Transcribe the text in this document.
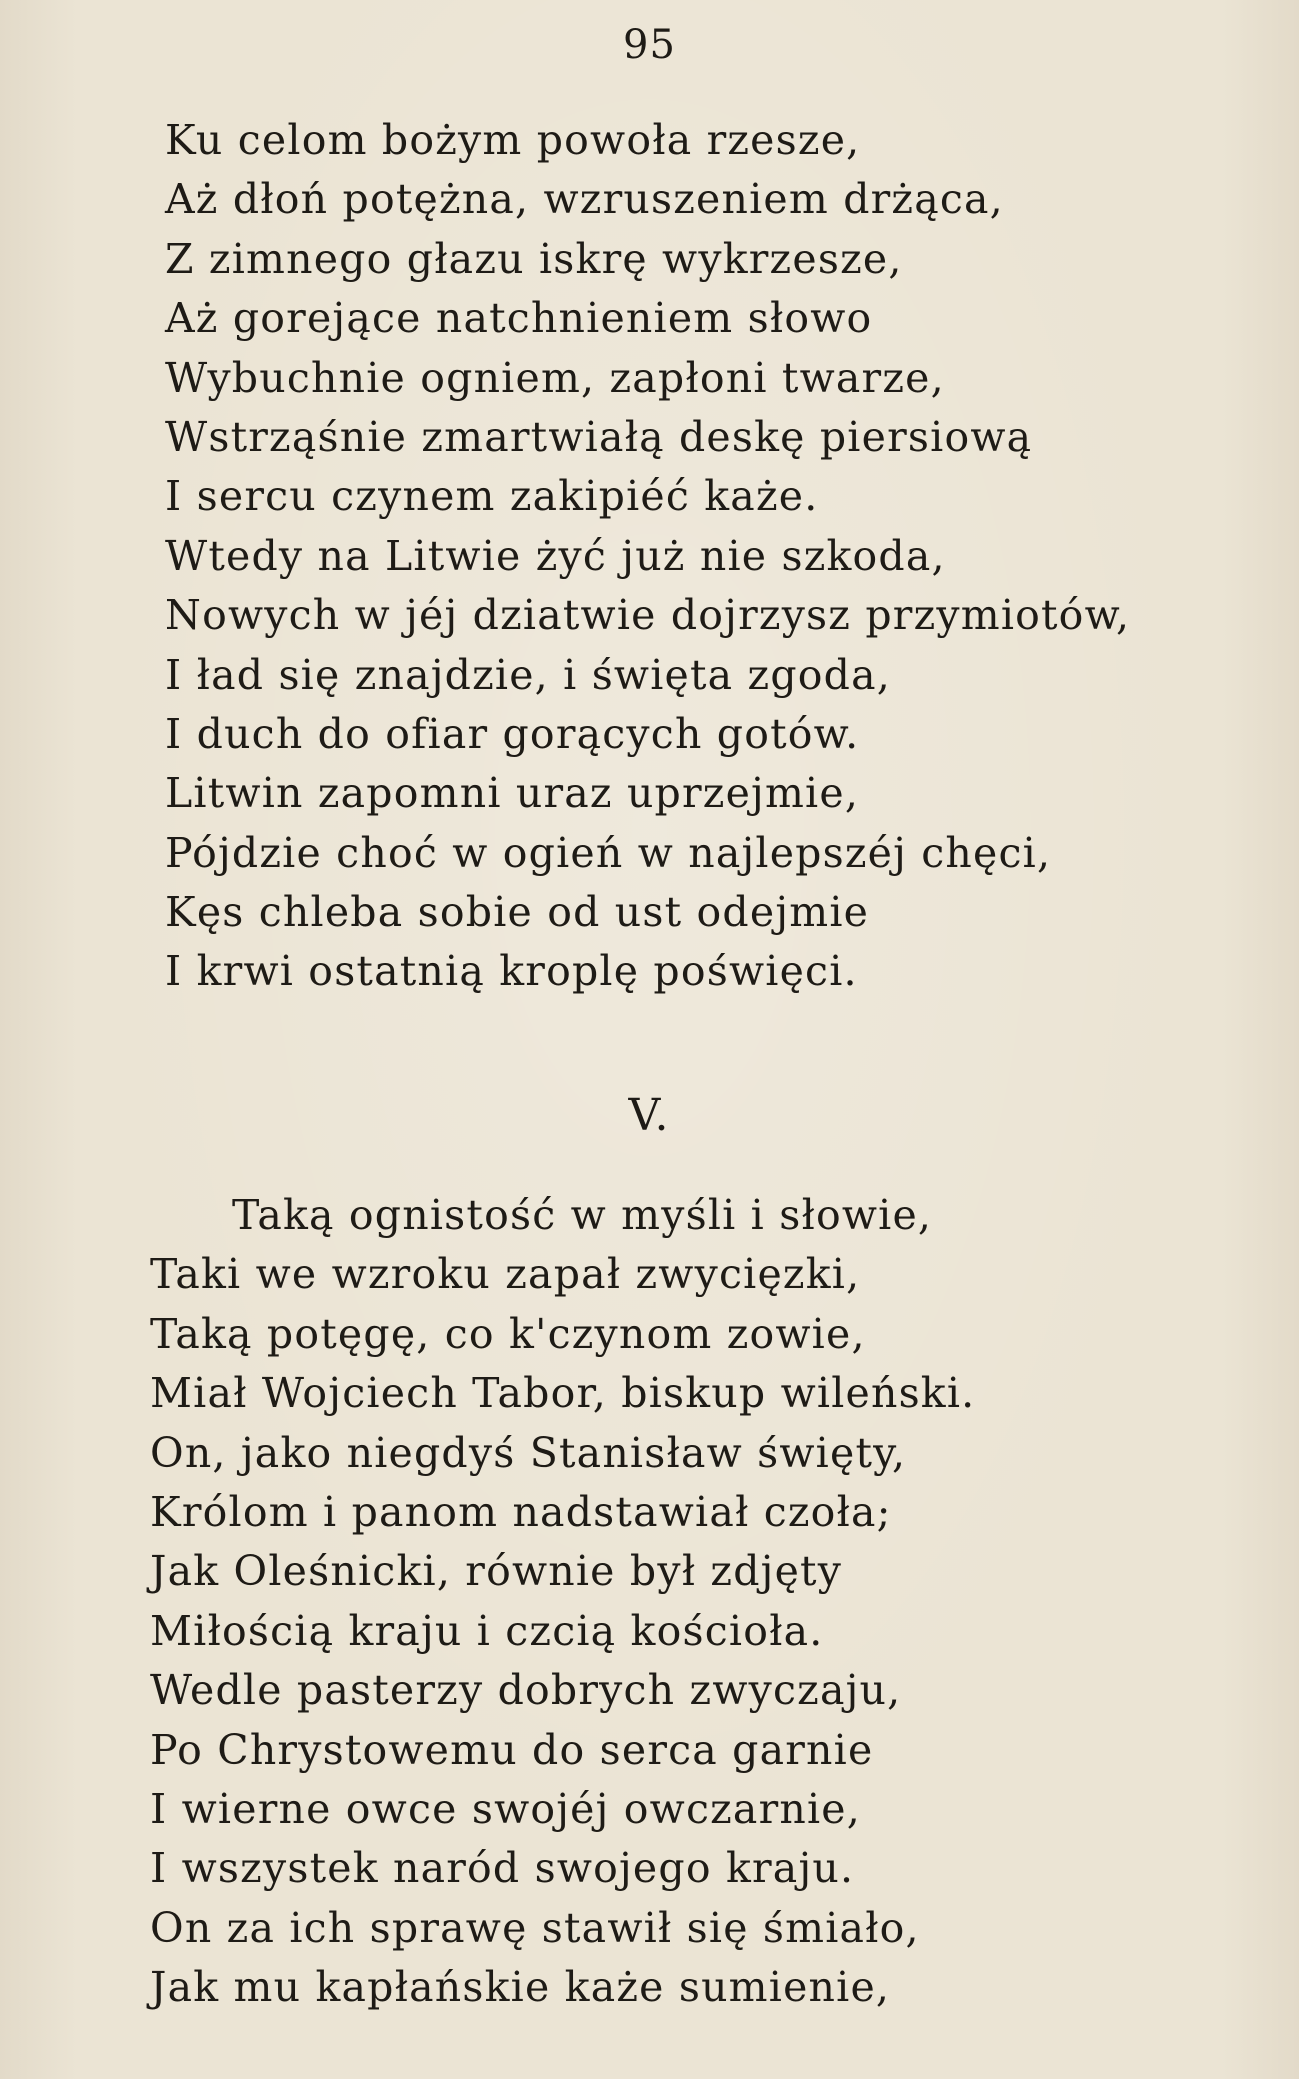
95
Ku celom bożym powoła rzesze,
Aż dłoń potężna, wzruszeniem drżąca,
Z zimnego głazu iskrę wykrzesze,
Aż gorejące natchnieniem słowo
Wybuchnie ogniem, zapłoni twarze,
Wstrząśnie zmartwiałą deskę piersiową
I sercu czynem zakipiéć każe.
Wtedy na Litwie żyć już nie szkoda,
Nowych w jéj dziatwie dojrzysz przymiotów,
I ład się znajdzie, i święta zgoda,
I duch do ofiar gorących gotów.
Litwin zapomni uraz uprzejmie,
Pójdzie choć w ogień w najlepszéj chęci,
Kęs chleba sobie od ust odejmie
I krwi ostatnią kroplę poświęci.
V.
Taką ognistość w myśli i słowie,
Taki we wzroku zapał zwycięzki,
Taką potęgę, co k'czynom zowie,
Miał Wojciech Tabor, biskup wileński.
On, jako niegdyś Stanisław święty,
Królom i panom nadstawiał czoła;
Jak Oleśnicki, równie był zdjęty
Miłością kraju i czcią kościoła.
Wedle pasterzy dobrych zwyczaju,
Po Chrystowemu do serca garnie
I wierne owce swojéj owczarnie,
I wszystek naród swojego kraju.
On za ich sprawę stawił się śmiało,
Jak mu kapłańskie każe sumienie,
